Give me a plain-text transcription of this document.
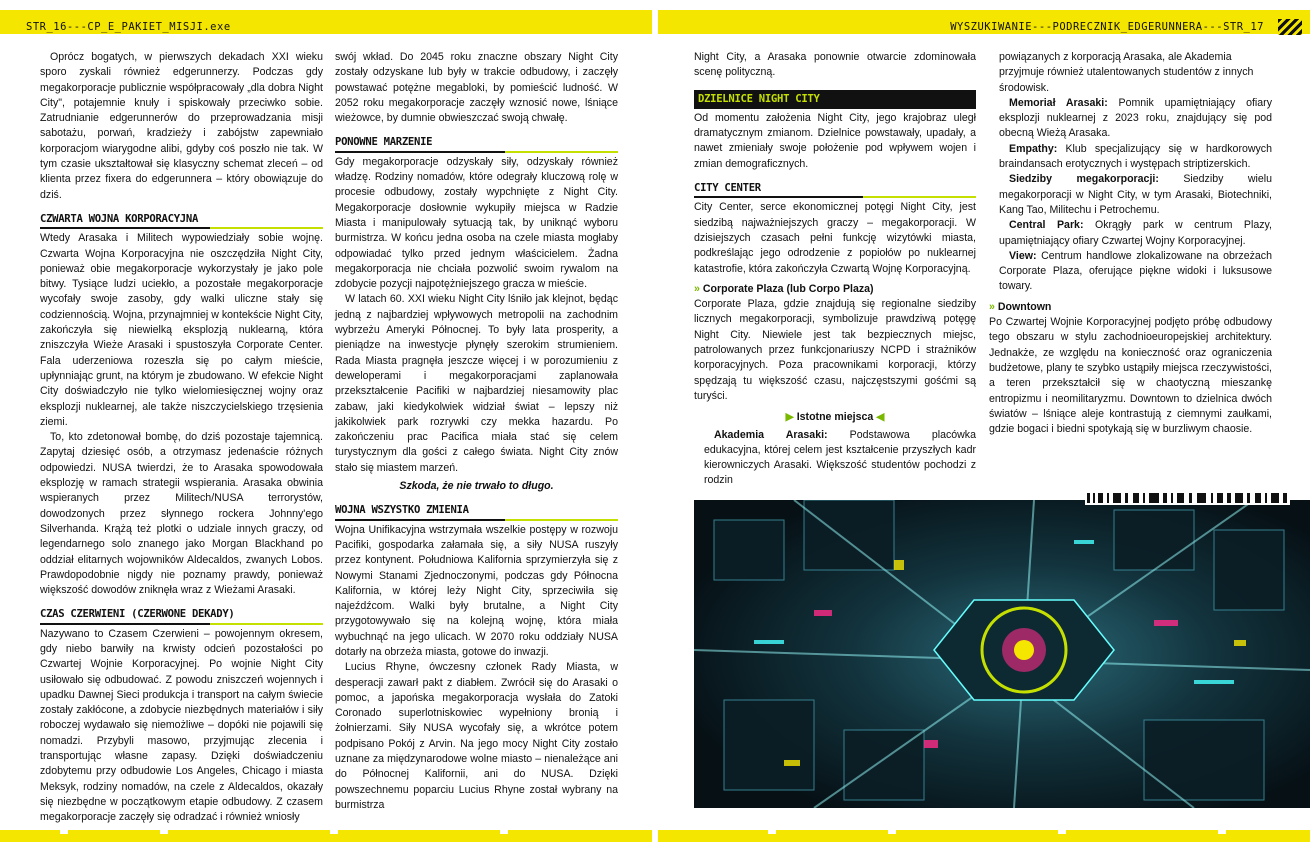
STR_16---CP_E_PAKIET_MISJI.exe	WYSZUKIWANIE---PODRECZNIK_EDGERUNNERA---STR_17

Oprócz bogatych, w pierwszych dekadach XXI wieku sporo zyskali również edgerunnerzy. Podczas gdy megakorporacje publicznie współpracowały „dla dobra Night City", potajemnie knuły i spiskowały przeciwko sobie. Zatrudnianie edgerunnerów do przeprowadzania misji sabotażu, porwań, kradzieży i zabójstw zapewniało korporacjom wiarygodne alibi, gdyby coś poszło nie tak. W tym czasie ukształtował się klasyczny schemat zleceń – od klienta przez fixera do edgerunnera – który obowiązuje do dziś.

CZWARTA WOJNA KORPORACYJNA

Wtedy Arasaka i Militech wypowiedziały sobie wojnę. Czwarta Wojna Korporacyjna nie oszczędziła Night City, ponieważ obie megakorporacje wykorzystały je jako pole bitwy. Tysiące ludzi uciekło, a pozostałe megakorporacje wycofały swoje zasoby, gdy walki uliczne stały się codziennością. Wojna, przynajmniej w kontekście Night City, zakończyła się niewielką eksplozją nuklearną, która zniszczyła Wieże Arasaki i spustoszyła Corporate Center. Fala uderzeniowa rozeszła się po całym mieście, upłynniając grunt, na którym je zbudowano. W efekcie Night City doświadczyło nie tylko wielomiesięcznej wojny oraz eksplozji nuklearnej, ale także niszczycielskiego trzęsienia ziemi.

To, kto zdetonował bombę, do dziś pozostaje tajemnicą. Zapytaj dziesięć osób, a otrzymasz jedenaście różnych odpowiedzi. NUSA twierdzi, że to Arasaka spowodowała eksplozję w ramach strategii wspierania. Arasaka obwinia wspieranych przez Militech/NUSA terrorystów, dowodzonych przez słynnego rockera Johnny'ego Silverhanda. Krążą też plotki o udziale innych graczy, od legendarnego solo znanego jako Morgan Blackhand po oddział elitarnych wojowników Aldecaldos, zwanych Lobos. Prawdopodobnie nigdy nie poznamy prawdy, ponieważ większość dowodów zniknęła wraz z Wieżami Arasaki.

CZAS CZERWIENI (CZERWONE DEKADY)

Nazywano to Czasem Czerwieni – powojennym okresem, gdy niebo barwiły na krwisty odcień pozostałości po Czwartej Wojnie Korporacyjnej. Po wojnie Night City usiłowało się odbudować. Z powodu zniszczeń wojennych i upadku Dawnej Sieci produkcja i transport na całym świecie zostały zakłócone, a zdobycie niezbędnych materiałów i siły roboczej wydawało się niemożliwe – dopóki nie pojawili się nomadzi. Przybyli masowo, przyjmując zlecenia i transportując własne zapasy. Dzięki doświadczeniu zdobytemu przy odbudowie Los Angeles, Chicago i miasta Meksyk, rodziny nomadów, na czele z Aldecaldos, okazały się niezbędne w początkowym etapie odbudowy. Z czasem megakorporacje zaczęły się odradzać i również wniosły

swój wkład. Do 2045 roku znaczne obszary Night City zostały odzyskane lub były w trakcie odbudowy, i zaczęły powstawać potężne megabloki, by pomieścić ludność. W 2052 roku megakorporacje zaczęły wznosić nowe, lśniące wieżowce, by dumnie obwieszczać swoją chwałę.

PONOWNE MARZENIE

Gdy megakorporacje odzyskały siły, odzyskały również władzę. Rodziny nomadów, które odegrały kluczową rolę w procesie odbudowy, zostały wypchnięte z Night City. Megakorporacje dosłownie wykupiły miejsca w Radzie Miasta i manipulowały sytuacją tak, by uniknąć wyboru burmistrza. W końcu jedna osoba na czele miasta mogłaby odpowiadać tylko przed jednym właścicielem. Żadna megakorporacja nie chciała pozwolić swoim rywalom na zdobycie pozycji najpotężniejszego gracza w mieście.

W latach 60. XXI wieku Night City lśniło jak klejnot, będąc jedną z najbardziej wpływowych metropolii na zachodnim wybrzeżu Ameryki Północnej. To były lata prosperity, a pieniądze na inwestycje płynęły szerokim strumieniem. Rada Miasta pragnęła jeszcze więcej i w porozumieniu z deweloperami i megakorporacjami zaplanowała przekształcenie Pacifiki w najbardziej niesamowity plac zabaw, jaki kiedykolwiek widział świat – lepszy niż jakikolwiek park rozrywki czy mekka hazardu. Po zakończeniu prac Pacifica miała stać się celem turystycznym dla gości z całego świata. Night City znów stało się miastem marzeń.

Szkoda, że nie trwało to długo.
WOJNA WSZYSTKO ZMIENIA

Wojna Unifikacyjna wstrzymała wszelkie postępy w rozwoju Pacifiki, gospodarka załamała się, a siły NUSA ruszyły przez kontynent. Południowa Kalifornia sprzymierzyła się z Nowymi Stanami Zjednoczonymi, podczas gdy Północna Kalifornia, w której leży Night City, sprzeciwiła się najeźdźcom. Walki były brutalne, a Night City przygotowywało się na kolejną wojnę, która miała wybuchnąć na jego ulicach. W 2070 roku oddziały NUSA dotarły na obrzeża miasta, gotowe do inwazji.

Lucius Rhyne, ówczesny członek Rady Miasta, w desperacji zawarł pakt z diabłem. Zwrócił się do Arasaki o pomoc, a japońska megakorporacja wysłała do Zatoki Coronado superlotniskowiec wypełniony bronią i żołnierzami. Siły NUSA wycofały się, a wkrótce potem podpisano Pokój z Arvin. Na jego mocy Night City zostało uznane za międzynarodowe wolne miasto – nienależące ani do Północnej Kalifornii, ani do NUSA. Dzięki powszechnemu poparciu Lucius Rhyne został wybrany na burmistrza

Night City, a Arasaka ponownie otwarcie zdominowała scenę polityczną.

DZIELNICE NIGHT CITY

Od momentu założenia Night City, jego krajobraz uległ dramatycznym zmianom. Dzielnice powstawały, upadały, a nawet zmieniały swoje położenie pod wpływem wojen i zmian demograficznych.

CITY CENTER

City Center, serce ekonomicznej potęgi Night City, jest siedzibą najważniejszych graczy – megakorporacji. W dzisiejszych czasach pełni funkcję wizytówki miasta, podkreślając jego odrodzenie z popiołów po nuklearnej katastrofie, która zakończyła Czwartą Wojnę Korporacyjną.

» Corporate Plaza (lub Corpo Plaza)

Corporate Plaza, gdzie znajdują się regionalne siedziby licznych megakorporacji, symbolizuje prawdziwą potęgę Night City. Niewiele jest tak bezpiecznych miejsc, patrolowanych przez funkcjonariuszy NCPD i strażników korporacyjnych. Poza pracownikami korporacji, którzy spędzają tu większość czasu, najczęstszymi gośćmi są turyści.

▶ Istotne miejsca ◀

Akademia Arasaki: Podstawowa placówka edukacyjna, której celem jest kształcenie przyszłych kadr kierowniczych Arasaki. Większość studentów pochodzi z rodzin

powiązanych z korporacją Arasaka, ale Akademia przyjmuje również utalentowanych studentów z innych środowisk.

Memoriał Arasaki: Pomnik upamiętniający ofiary eksplozji nuklearnej z 2023 roku, znajdujący się pod obecną Wieżą Arasaka.

Empathy: Klub specjalizujący się w hardkorowych braindansach erotycznych i występach striptizerskich.

Siedziby megakorporacji: Siedziby wielu megakorporacji w Night City, w tym Arasaki, Biotechniki, Kang Tao, Militechu i Petrochemu.

Central Park: Okrągły park w centrum Plazy, upamiętniający ofiary Czwartej Wojny Korporacyjnej.

View: Centrum handlowe zlokalizowane na obrzeżach Corporate Plaza, oferujące piękne widoki i luksusowe towary.

» Downtown

Po Czwartej Wojnie Korporacyjnej podjęto próbę odbudowy tego obszaru w stylu zachodnioeuropejskiej architektury. Jednakże, ze względu na konieczność oraz ograniczenia budżetowe, plany te szybko ustąpiły miejsca rzeczywistości, a teren przekształcił się w chaotyczną mieszankę entropizmu i neomilitaryzmu. Downtown to dzielnica dwóch światów – lśniące aleje kontrastują z ciemnymi zaułkami, gdzie bogaci i biedni spotykają się w burzliwym chaosie.
